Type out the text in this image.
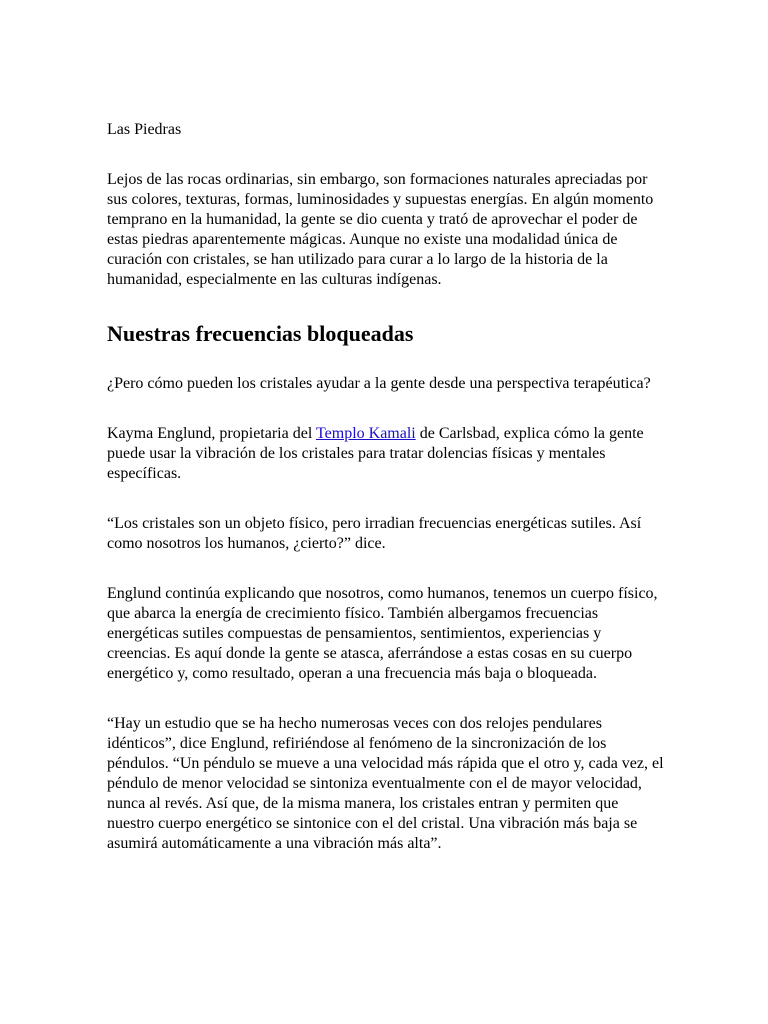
Las Piedras

Lejos de las rocas ordinarias, sin embargo, son formaciones naturales apreciadas por sus colores, texturas, formas, luminosidades y supuestas energías. En algún momento temprano en la humanidad, la gente se dio cuenta y trató de aprovechar el poder de estas piedras aparentemente mágicas. Aunque no existe una modalidad única de curación con cristales, se han utilizado para curar a lo largo de la historia de la humanidad, especialmente en las culturas indígenas.

Nuestras frecuencias bloqueadas

¿Pero cómo pueden los cristales ayudar a la gente desde una perspectiva terapéutica?

Kayma Englund, propietaria del Templo Kamali de Carlsbad, explica cómo la gente puede usar la vibración de los cristales para tratar dolencias físicas y mentales específicas.

“Los cristales son un objeto físico, pero irradian frecuencias energéticas sutiles. Así como nosotros los humanos, ¿cierto?” dice.

Englund continúa explicando que nosotros, como humanos, tenemos un cuerpo físico, que abarca la energía de crecimiento físico. También albergamos frecuencias energéticas sutiles compuestas de pensamientos, sentimientos, experiencias y creencias. Es aquí donde la gente se atasca, aferrándose a estas cosas en su cuerpo energético y, como resultado, operan a una frecuencia más baja o bloqueada.

“Hay un estudio que se ha hecho numerosas veces con dos relojes pendulares idénticos”, dice Englund, refiriéndose al fenómeno de la sincronización de los péndulos. “Un péndulo se mueve a una velocidad más rápida que el otro y, cada vez, el péndulo de menor velocidad se sintoniza eventualmente con el de mayor velocidad, nunca al revés. Así que, de la misma manera, los cristales entran y permiten que nuestro cuerpo energético se sintonice con el del cristal. Una vibración más baja se asumirá automáticamente a una vibración más alta”.
